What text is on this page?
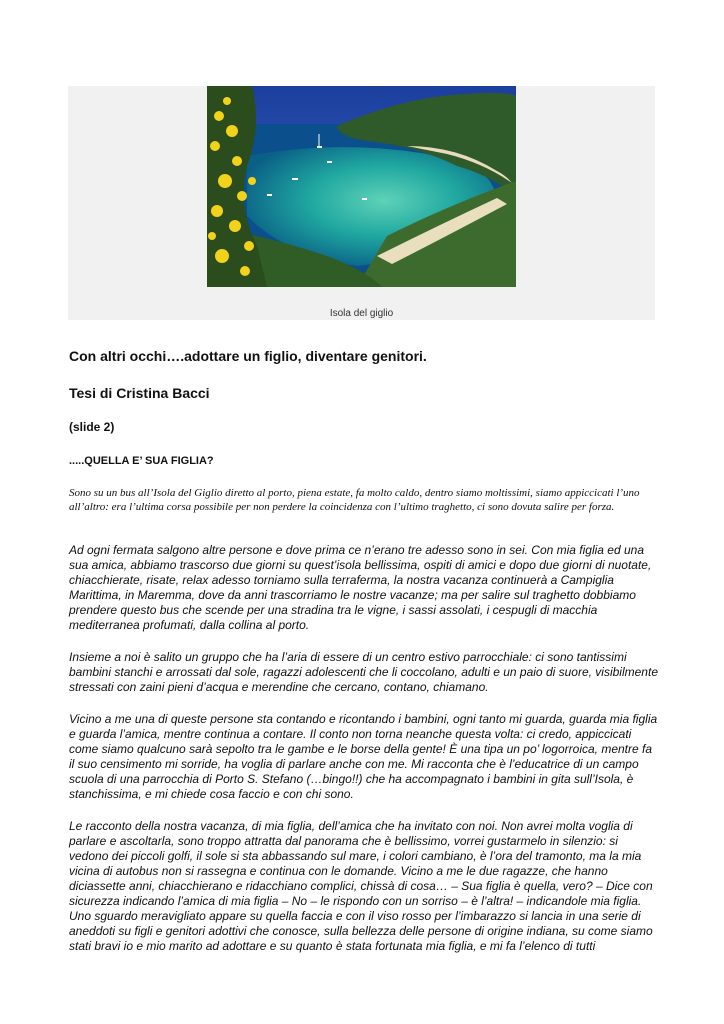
Isola del giglio
Con altri occhi….adottare un figlio, diventare genitori.
Tesi di Cristina Bacci
(slide 2)
.....QUELLA E’ SUA FIGLIA?

Sono su un bus all’Isola del Giglio diretto al porto, piena estate, fa molto caldo, dentro siamo moltissimi, siamo appiccicati l’uno all’altro: era l’ultima corsa possibile per non perdere la coincidenza con l’ultimo traghetto, ci sono dovuta salire per forza.

Ad ogni fermata salgono altre persone e dove prima ce n’erano tre adesso sono in sei. Con mia figlia ed una sua amica, abbiamo trascorso due giorni su quest’isola bellissima, ospiti di amici e dopo due giorni di nuotate, chiacchierate, risate, relax adesso torniamo sulla terraferma, la nostra vacanza continuerà a Campiglia Marittima, in Maremma, dove da anni trascorriamo le nostre vacanze; ma per salire sul traghetto dobbiamo prendere questo bus che scende per una stradina tra le vigne, i sassi assolati, i cespugli di macchia mediterranea profumati, dalla collina al porto.

Insieme a noi è salito un gruppo che ha l’aria di essere di un centro estivo parrocchiale: ci sono tantissimi bambini stanchi e arrossati dal sole, ragazzi adolescenti che li coccolano, adulti e un paio di suore, visibilmente stressati con zaini pieni d’acqua e merendine che cercano, contano, chiamano.

Vicino a me una di queste persone sta contando e ricontando i bambini, ogni tanto mi guarda, guarda mia figlia e guarda l’amica, mentre continua a contare. Il conto non torna neanche questa volta: ci credo, appiccicati come siamo qualcuno sarà sepolto tra le gambe e le borse della gente! È una tipa un po’ logorroica, mentre fa il suo censimento mi sorride, ha voglia di parlare anche con me. Mi racconta che è l’educatrice di un campo scuola di una parrocchia di Porto S. Stefano (…bingo!!) che ha accompagnato i bambini in gita sull’Isola, è stanchissima, e mi chiede cosa faccio e con chi sono.

Le racconto della nostra vacanza, di mia figlia, dell’amica che ha invitato con noi. Non avrei molta voglia di parlare e ascoltarla, sono troppo attratta dal panorama che è bellissimo, vorrei gustarmelo in silenzio: si vedono dei piccoli golfi, il sole si sta abbassando sul mare, i colori cambiano, è l’ora del tramonto, ma la mia vicina di autobus non si rassegna e continua con le domande. Vicino a me le due ragazze, che hanno diciassette anni, chiacchierano e ridacchiano complici, chissà di cosa… – Sua figlia è quella, vero? – Dice con sicurezza indicando l’amica di mia figlia – No – le rispondo con un sorriso – è l’altra! – indicandole mia figlia. Uno sguardo meravigliato appare su quella faccia e con il viso rosso per l’imbarazzo si lancia in una serie di aneddoti su figli e genitori adottivi che conosce, sulla bellezza delle persone di origine indiana, su come siamo stati bravi io e mio marito ad adottare e su quanto è stata fortunata mia figlia, e mi fa l’elenco di tutti
